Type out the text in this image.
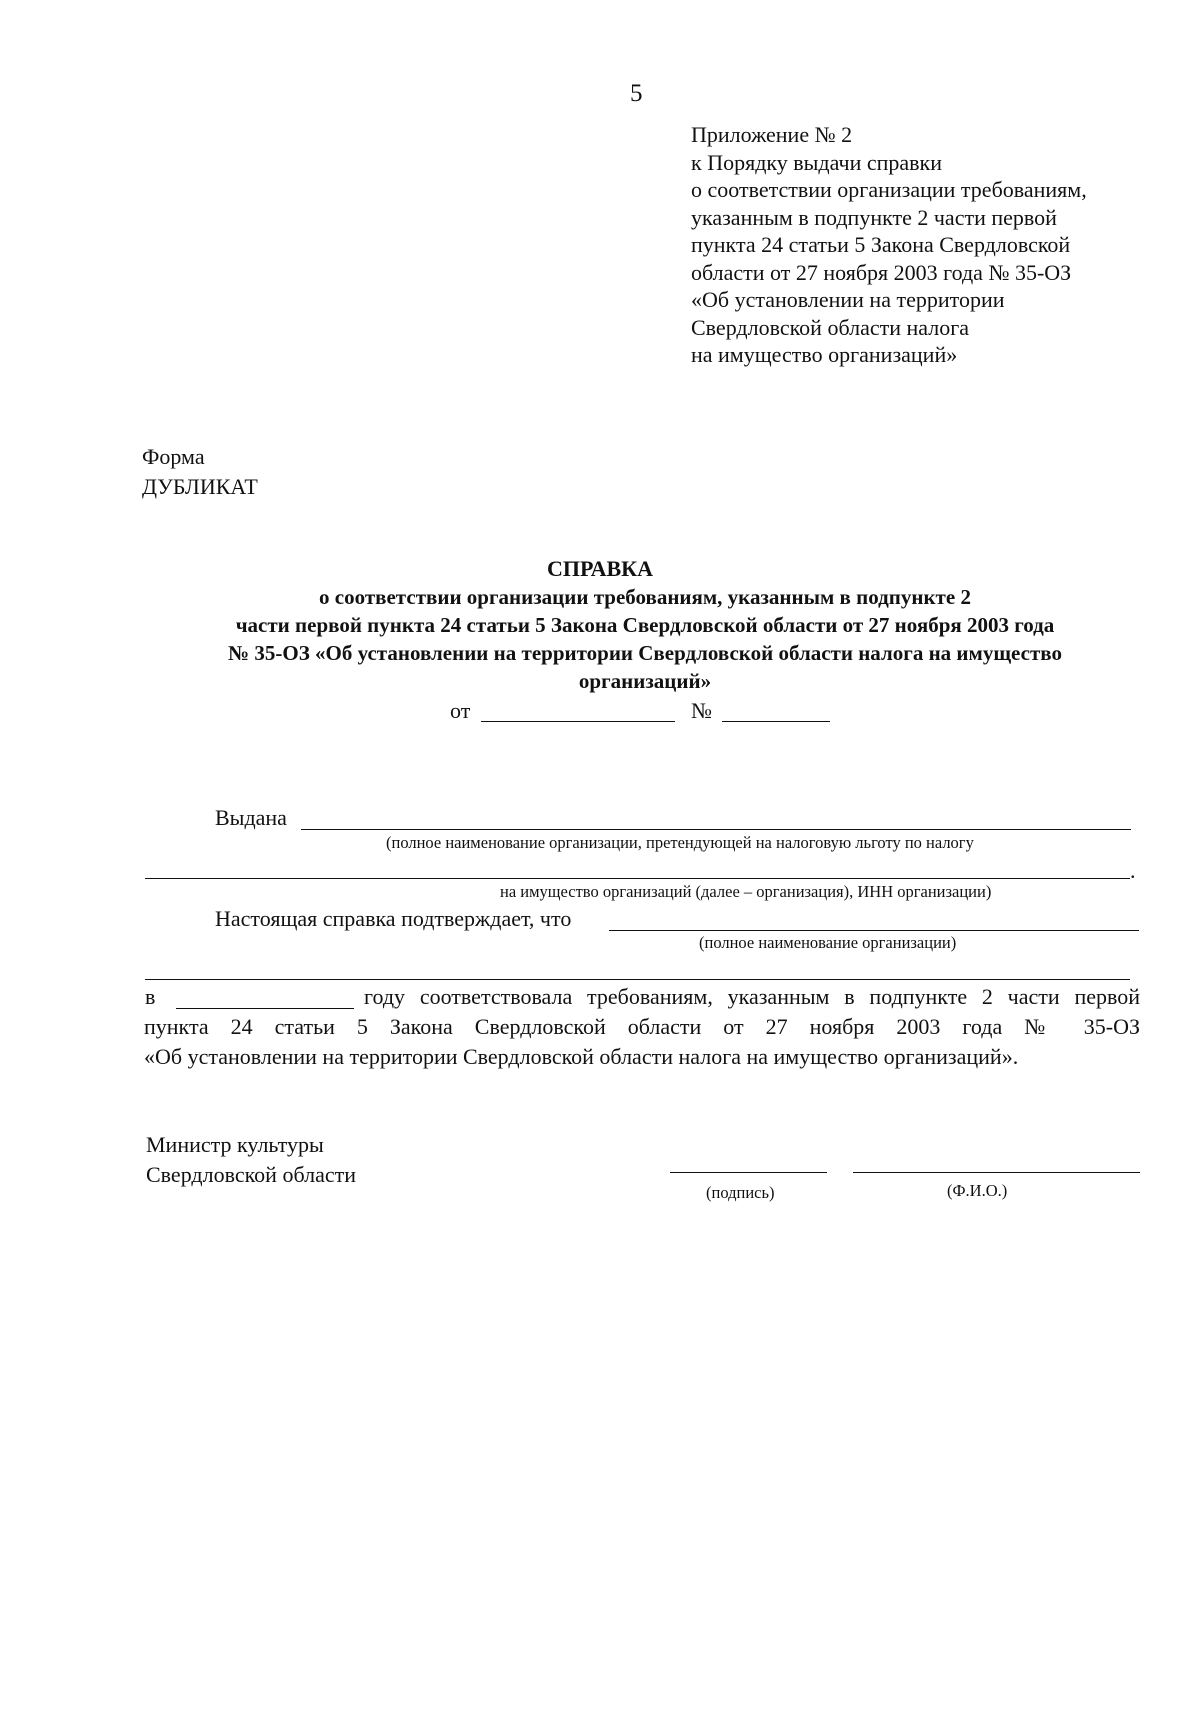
5
Приложение № 2
к Порядку выдачи справки
о соответствии организации требованиям,
указанным в подпункте 2 части первой
пункта 24 статьи 5 Закона Свердловской
области от 27 ноября 2003 года № 35-ОЗ
«Об установлении на территории
Свердловской области налога
на имущество организаций»
Форма
ДУБЛИКАТ
СПРАВКА
о соответствии организации требованиям, указанным в подпункте 2
части первой пункта 24 статьи 5 Закона Свердловской области от 27 ноября 2003 года
№ 35-ОЗ «Об установлении на территории Свердловской области налога на имущество
организаций»
от	№
Выдана
(полное наименование организации, претендующей на налоговую льготу по налогу
.
на имущество организаций (далее – организация), ИНН организации)
Настоящая справка подтверждает, что
(полное наименование организации)
в	году соответствовала требованиям, указанным в подпункте 2 части первой
пункта 24 статьи 5 Закона Свердловской области от 27 ноября 2003 года № 35-ОЗ
«Об установлении на территории Свердловской области налога на имущество организаций».
Министр культуры
Свердловской области
(подпись)	(Ф.И.О.)
